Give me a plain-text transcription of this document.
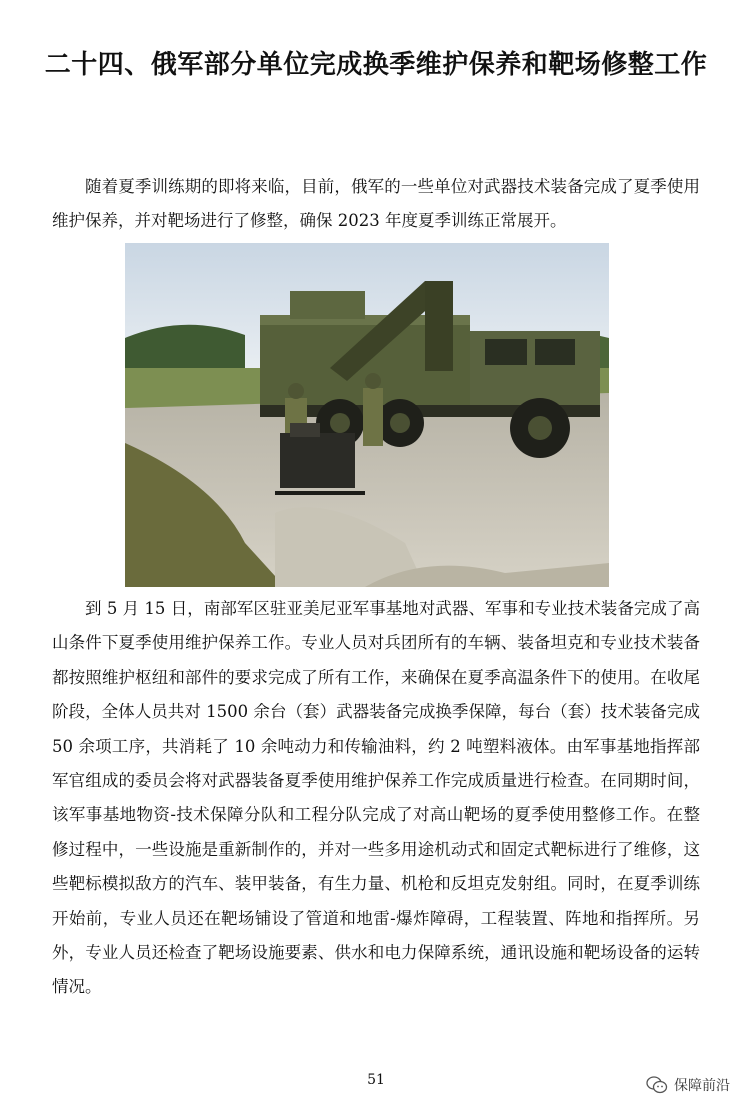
二十四、俄军部分单位完成换季维护保养和靶场修整工作

随着夏季训练期的即将来临，目前，俄军的一些单位对武器技术装备完成了夏季使用维护保养，并对靶场进行了修整，确保 2023 年度夏季训练正常展开。

到 5 月 15 日，南部军区驻亚美尼亚军事基地对武器、军事和专业技术装备完成了高山条件下夏季使用维护保养工作。专业人员对兵团所有的车辆、装备坦克和专业技术装备都按照维护枢纽和部件的要求完成了所有工作，来确保在夏季高温条件下的使用。在收尾阶段，全体人员共对 1500 余台（套）武器装备完成换季保障，每台（套）技术装备完成 50 余项工序，共消耗了 10 余吨动力和传输油料，约 2 吨塑料液体。由军事基地指挥部军官组成的委员会将对武器装备夏季使用维护保养工作完成质量进行检查。在同期时间，该军事基地物资-技术保障分队和工程分队完成了对高山靶场的夏季使用整修工作。在整修过程中，一些设施是重新制作的，并对一些多用途机动式和固定式靶标进行了维修，这些靶标模拟敌方的汽车、装甲装备，有生力量、机枪和反坦克发射组。同时，在夏季训练开始前，专业人员还在靶场铺设了管道和地雷-爆炸障碍，工程装置、阵地和指挥所。另外，专业人员还检查了靶场设施要素、供水和电力保障系统，通讯设施和靶场设备的运转情况。

51	保障前沿
